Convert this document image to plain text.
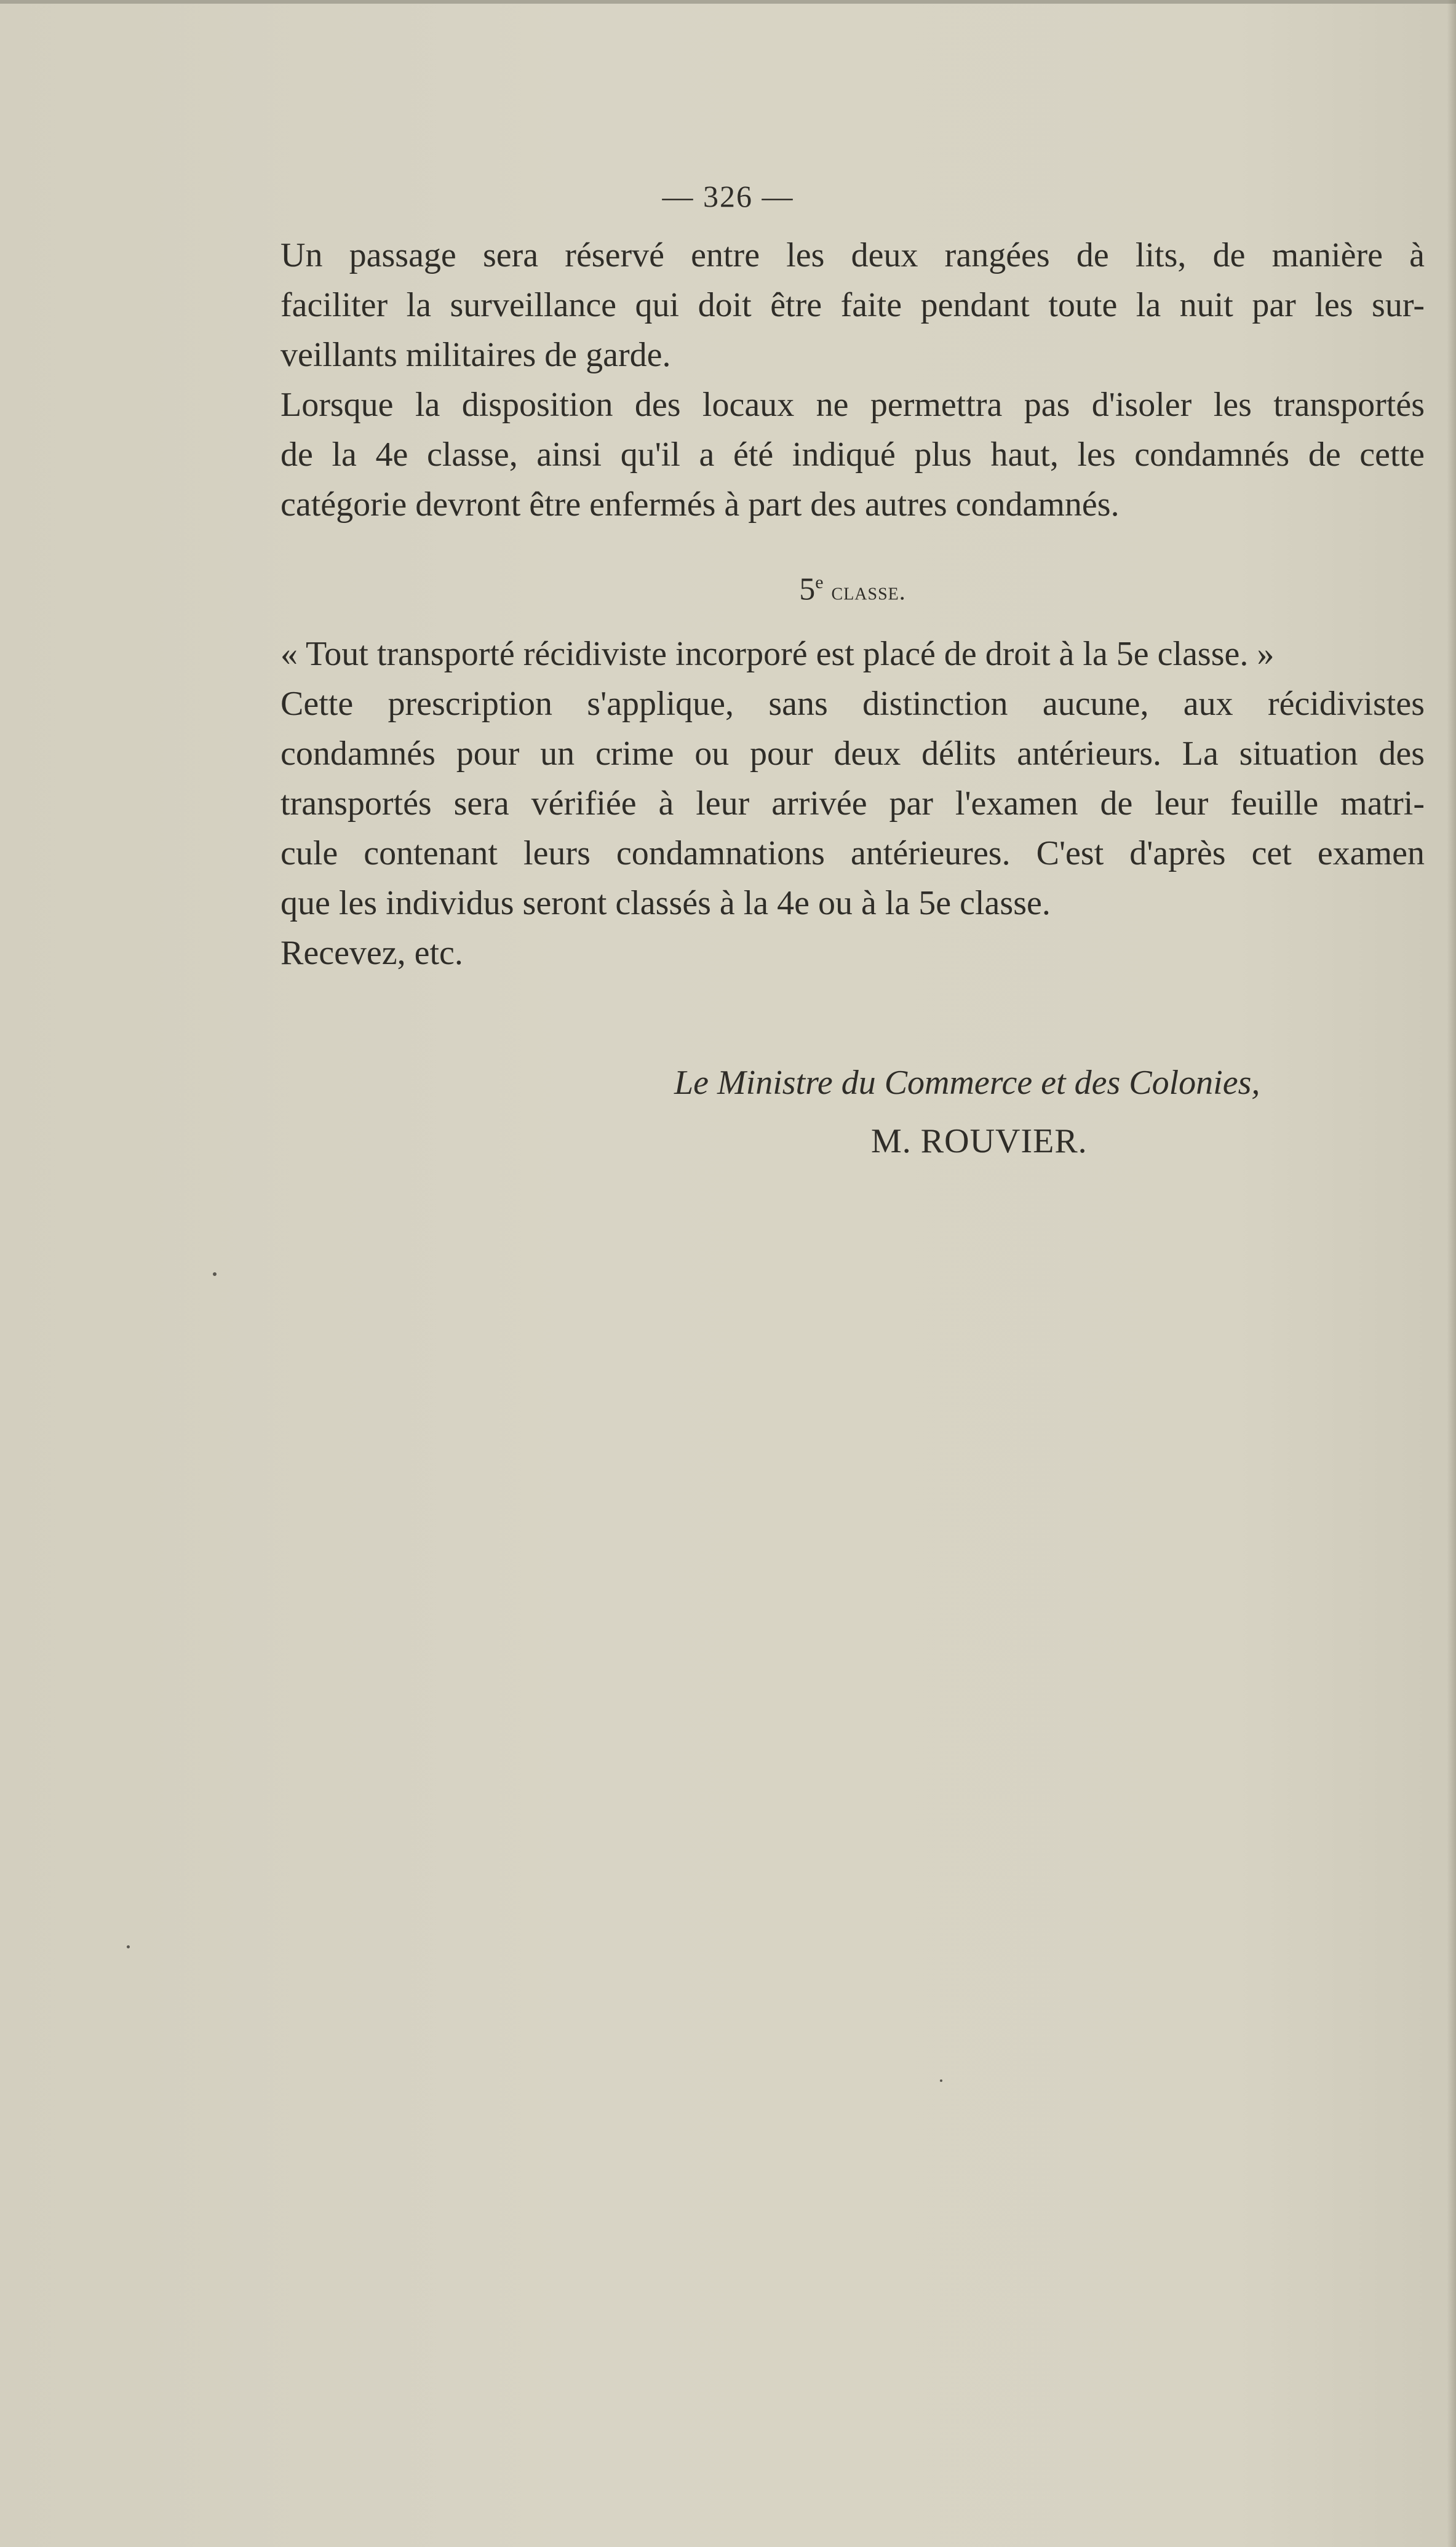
— 326 —

Un passage sera réservé entre les deux rangées de lits, de manière à
faciliter la surveillance qui doit être faite pendant toute la nuit par les sur-
veillants militaires de garde.
Lorsque la disposition des locaux ne permettra pas d'isoler les transportés
de la 4e classe, ainsi qu'il a été indiqué plus haut, les condamnés de cette
catégorie devront être enfermés à part des autres condamnés.
5e classe.
« Tout transporté récidiviste incorporé est placé de droit à la 5e classe. »
Cette prescription s'applique, sans distinction aucune, aux récidivistes
condamnés pour un crime ou pour deux délits antérieurs. La situation des
transportés sera vérifiée à leur arrivée par l'examen de leur feuille matri-
cule contenant leurs condamnations antérieures. C'est d'après cet examen
que les individus seront classés à la 4e ou à la 5e classe.
Recevez, etc.

Le Ministre du Commerce et des Colonies,

M. ROUVIER.
